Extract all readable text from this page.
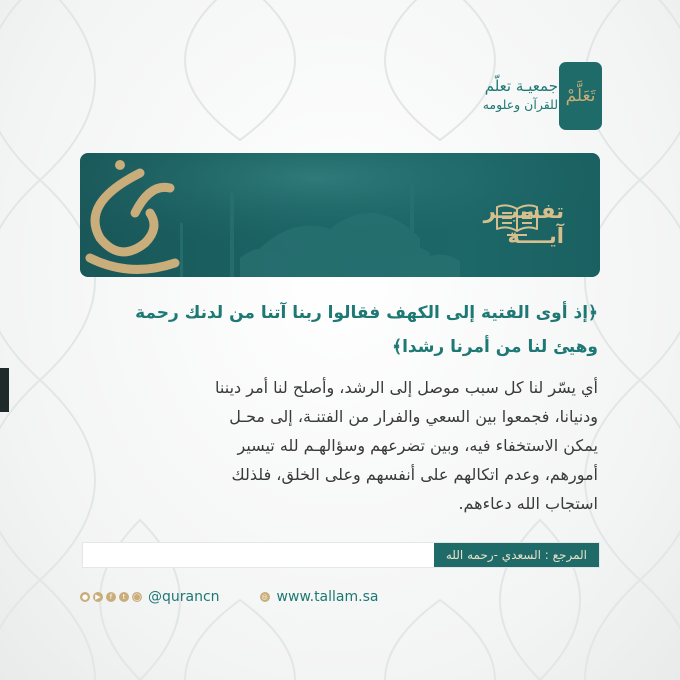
جمعيـة تعلّم
للقرآن وعلومه تَعَلَّمْ
تفسيــر
آيــــة

﴿إذ أوى الفتية إلى الكهف فقالوا ربنا آتنا من لدنك رحمة

وهيئ لنا من أمرنا رشدا﴾

أي يسّر لنا كل سبب موصل إلى الرشد، وأصلح لنا أمر ديننا

ودنيانا، فجمعوا بين السعي والفرار من الفتنـة، إلى محـل

يمكن الاستخفاء فيه، وبين تضرعهم وسؤالهـم لله تيسير

أمورهم، وعدم اتكالهم على أنفسهم وعلى الخلق، فلذلك

استجاب الله دعاءهم.

المرجع : السعدي -رحمه الله
●	▶	f	t	◯ @qurancn	◎ www.tallam.sa
